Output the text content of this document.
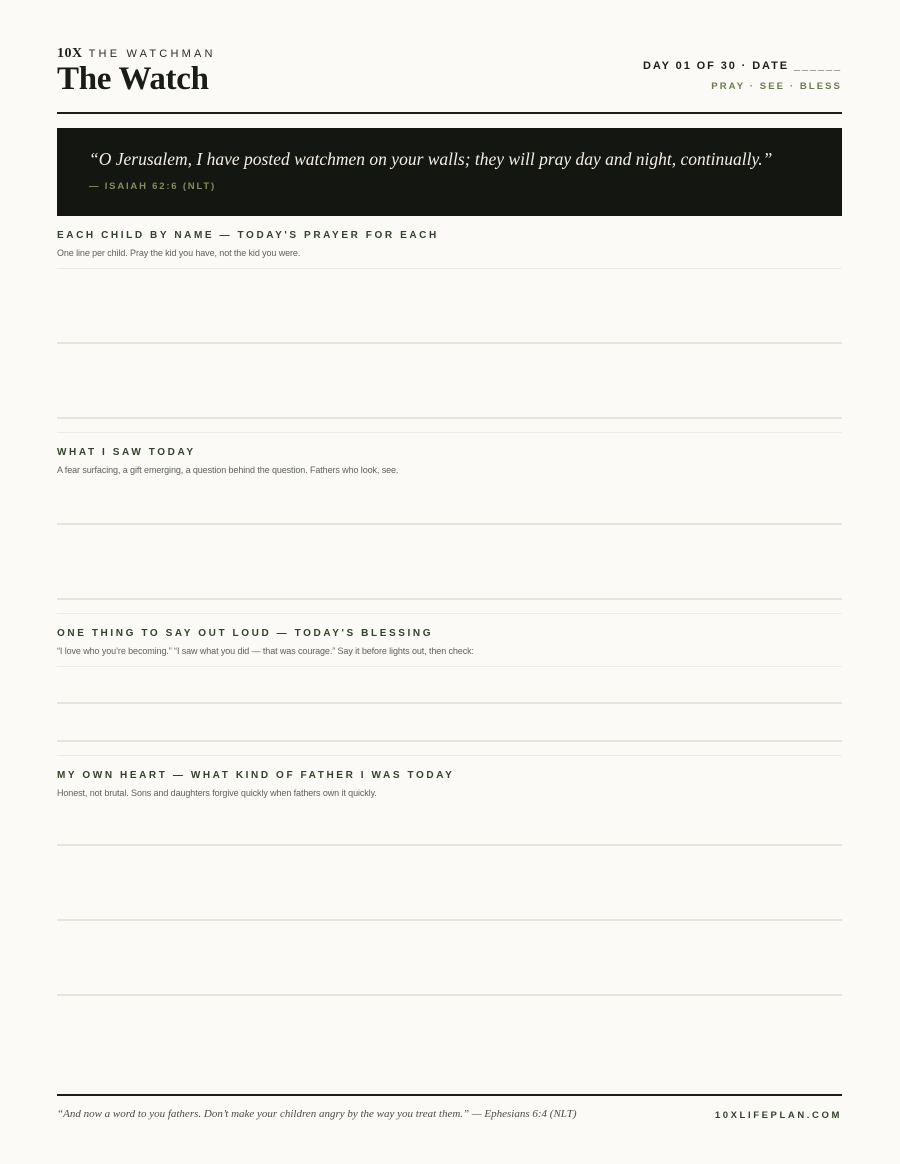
10X THE WATCHMAN
The Watch	DAY 01 OF 30 · DATE ______
PRAY · SEE · BLESS
“O Jerusalem, I have posted watchmen on your walls; they will pray day and night, continually.”
— ISAIAH 62:6 (NLT)
EACH CHILD BY NAME — TODAY'S PRAYER FOR EACH
One line per child. Pray the kid you have, not the kid you were.
WHAT I SAW TODAY
A fear surfacing, a gift emerging, a question behind the question. Fathers who look, see.
ONE THING TO SAY OUT LOUD — TODAY'S BLESSING
“I love who you’re becoming.” “I saw what you did — that was courage.” Say it before lights out, then check:
MY OWN HEART — WHAT KIND OF FATHER I WAS TODAY
Honest, not brutal. Sons and daughters forgive quickly when fathers own it quickly.
“And now a word to you fathers. Don’t make your children angry by the way you treat them.” — Ephesians 6:4 (NLT)	10XLIFEPLAN.COM
